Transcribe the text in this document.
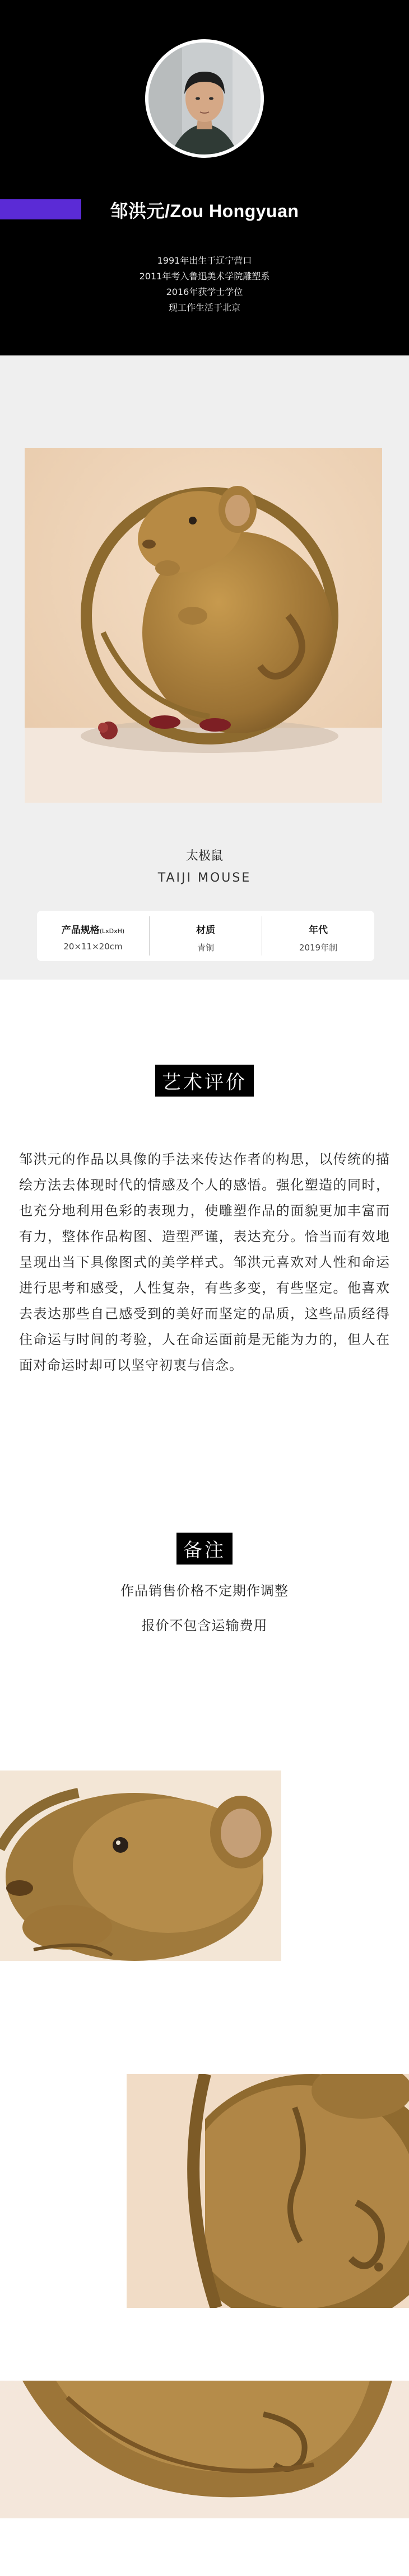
邹洪元/Zou Hongyuan
1991年出生于辽宁营口
2011年考入鲁迅美术学院雕塑系
2016年获学士学位
现工作生活于北京
太极鼠
TAIJI MOUSE
产品规格(LxDxH)
20×11×20cm
材质
青铜
年代
2019年制
艺术评价
邹洪元的作品以具像的手法来传达作者的构思，以传统的描绘方法去体现时代的情感及个人的感悟。强化塑造的同时，也充分地利用色彩的表现力，使雕塑作品的面貌更加丰富而有力，整体作品构图、造型严谨，表达充分。恰当而有效地呈现出当下具像图式的美学样式。邹洪元喜欢对人性和命运进行思考和感受，人性复杂，有些多变，有些坚定。他喜欢去表达那些自己感受到的美好而坚定的品质，这些品质经得住命运与时间的考验，人在命运面前是无能为力的，但人在面对命运时却可以坚守初衷与信念。
备注
作品销售价格不定期作调整
报价不包含运输费用
